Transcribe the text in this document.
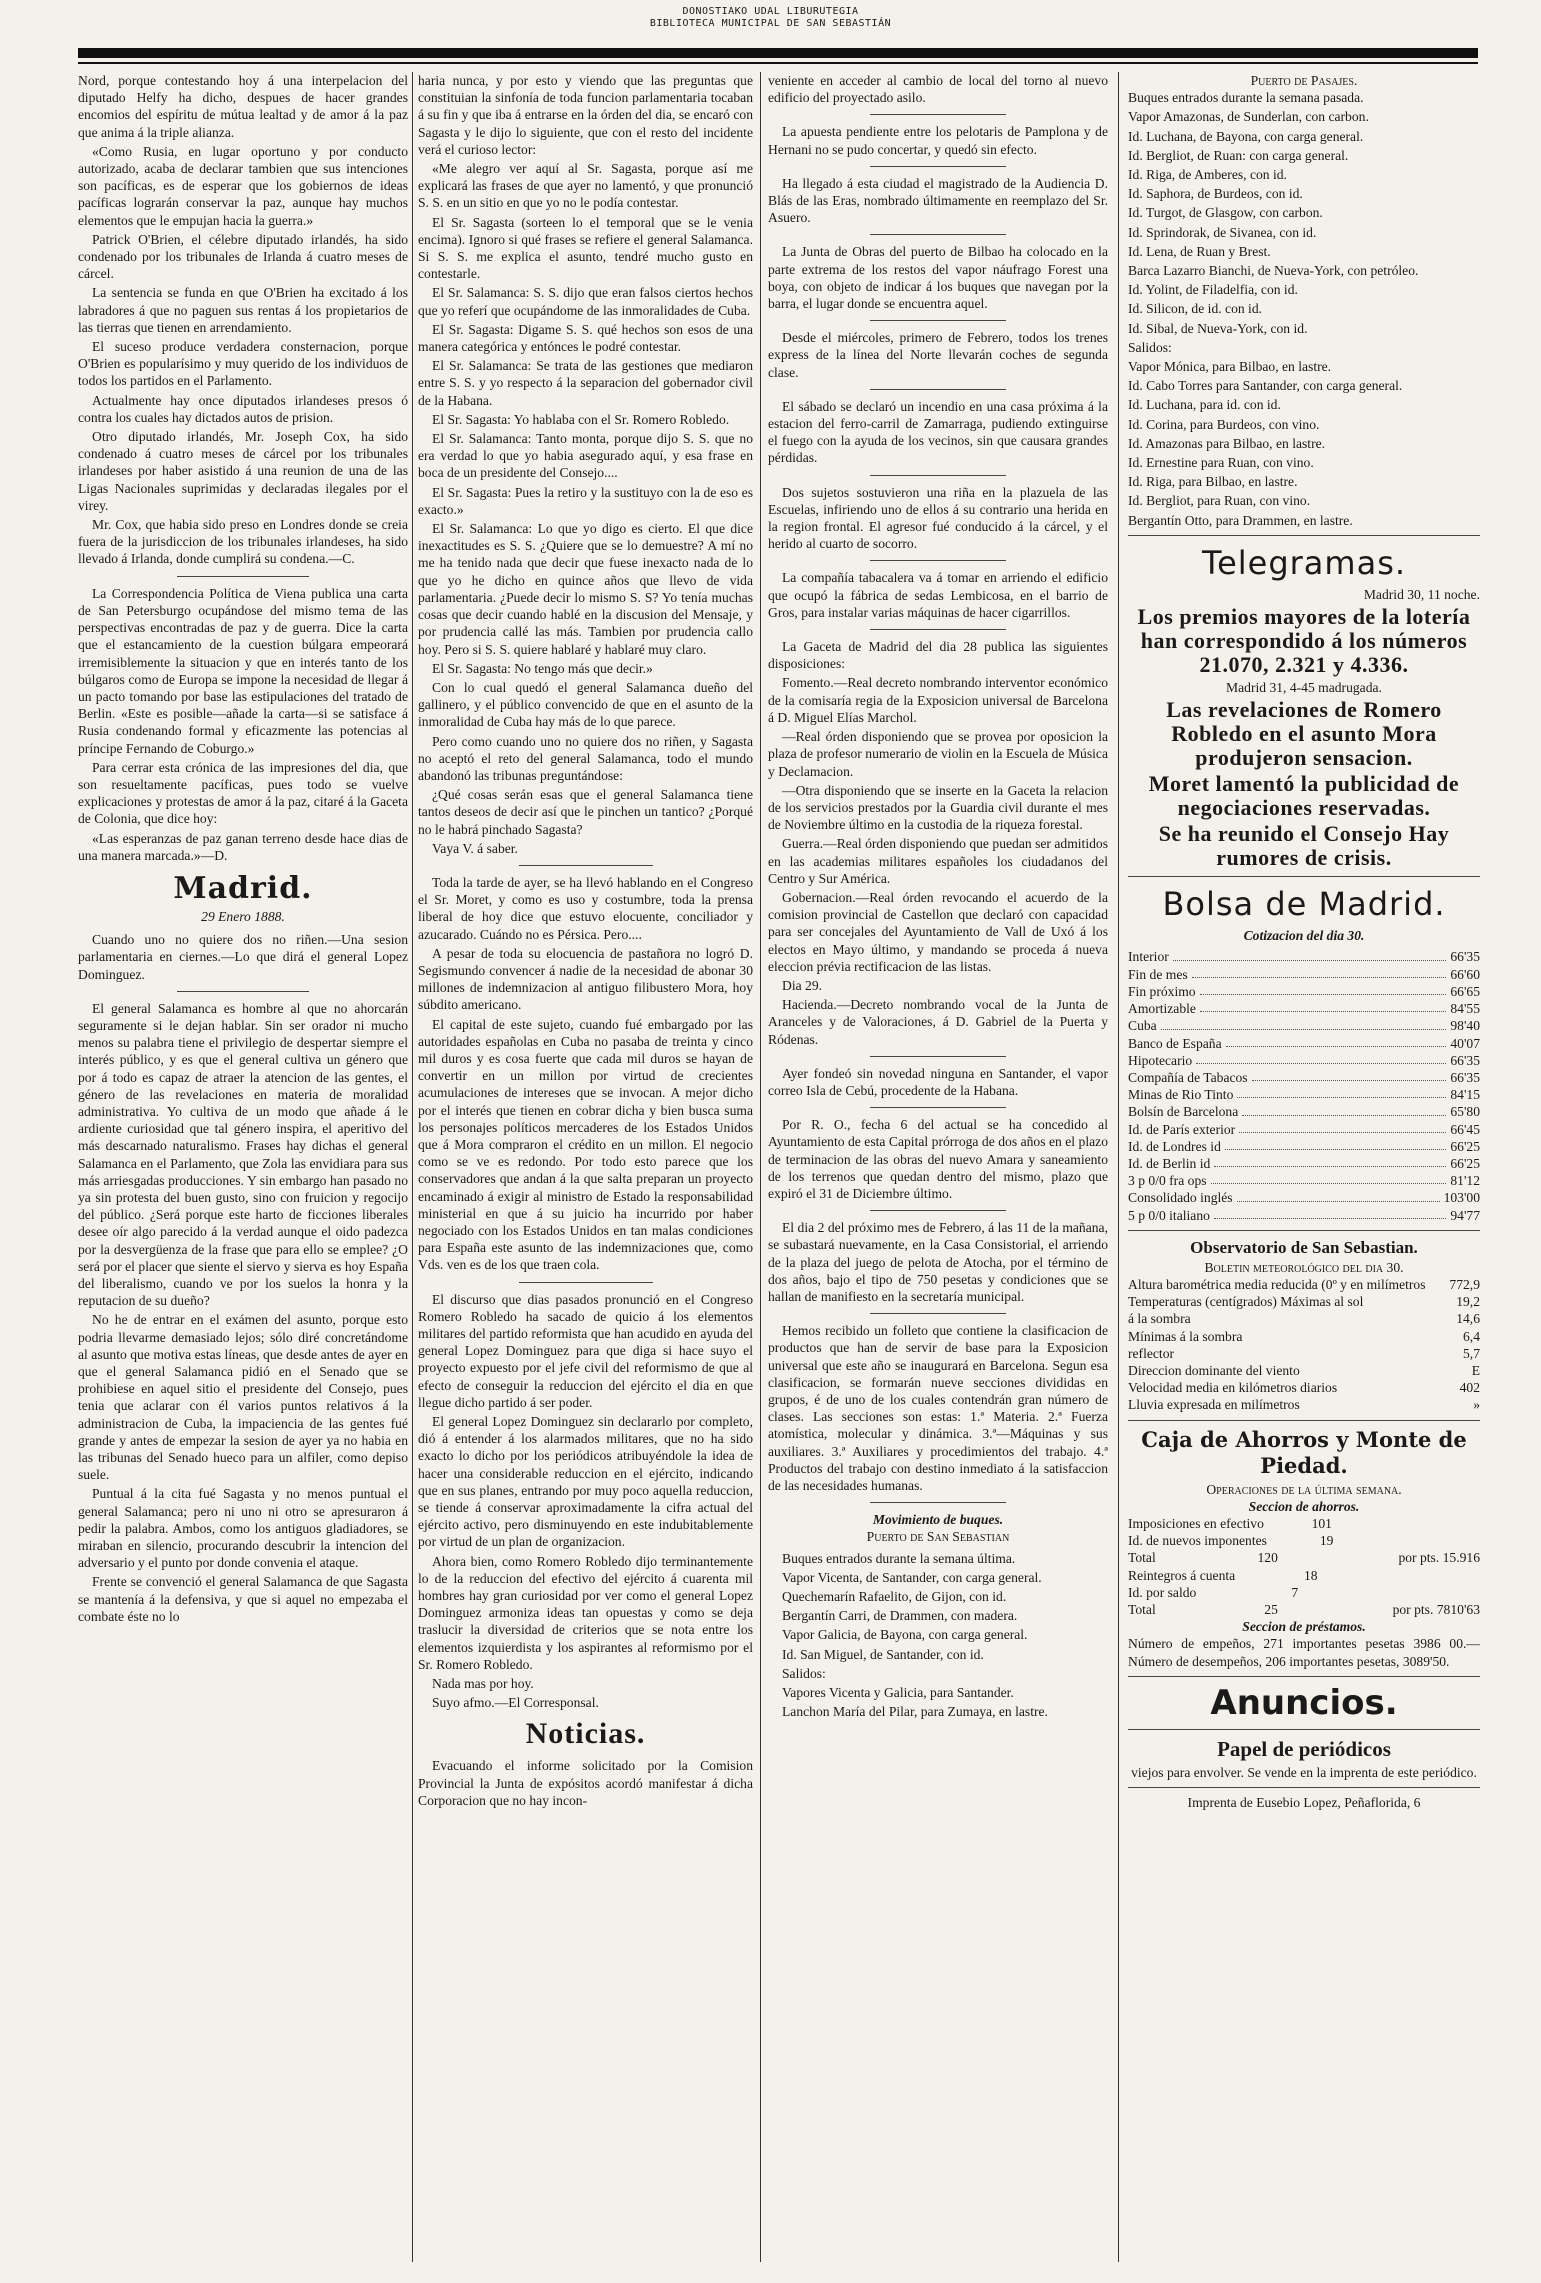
DONOSTIAKO UDAL LIBURUTEGIA
BIBLIOTECA MUNICIPAL DE SAN SEBASTIÁN

Nord, porque contestando hoy á una interpelacion del diputado Helfy ha dicho, despues de hacer grandes encomios del espíritu de mútua lealtad y de amor á la paz que anima á la triple alianza.

«Como Rusia, en lugar oportuno y por conducto autorizado, acaba de declarar tambien que sus intenciones son pacíficas, es de esperar que los gobiernos de ideas pacíficas lograrán conservar la paz, aunque hay muchos elementos que le empujan hacia la guerra.»

Patrick O'Brien, el célebre diputado irlandés, ha sido condenado por los tribunales de Irlanda á cuatro meses de cárcel.

La sentencia se funda en que O'Brien ha excitado á los labradores á que no paguen sus rentas á los propietarios de las tierras que tienen en arrendamiento.

El suceso produce verdadera consternacion, porque O'Brien es popularísimo y muy querido de los individuos de todos los partidos en el Parlamento.

Actualmente hay once diputados irlandeses presos ó contra los cuales hay dictados autos de prision.

Otro diputado irlandés, Mr. Joseph Cox, ha sido condenado á cuatro meses de cárcel por los tribunales irlandeses por haber asistido á una reunion de una de las Ligas Nacionales suprimidas y declaradas ilegales por el virey.

Mr. Cox, que habia sido preso en Londres donde se creia fuera de la jurisdiccion de los tribunales irlandeses, ha sido llevado á Irlanda, donde cumplirá su condena.—C.

La Correspondencia Política de Viena publica una carta de San Petersburgo ocupándose del mismo tema de las perspectivas encontradas de paz y de guerra. Dice la carta que el estancamiento de la cuestion búlgara empeorará irremisiblemente la situacion y que en interés tanto de los búlgaros como de Europa se impone la necesidad de llegar á un pacto tomando por base las estipulaciones del tratado de Berlin. «Este es posible—añade la carta—si se satisface á Rusia condenando formal y eficazmente las potencias al príncipe Fernando de Coburgo.»

Para cerrar esta crónica de las impresiones del dia, que son resueltamente pacíficas, pues todo se vuelve explicaciones y protestas de amor á la paz, citaré á la Gaceta de Colonia, que dice hoy:

«Las esperanzas de paz ganan terreno desde hace dias de una manera marcada.»—D.

Madrid.
29 Enero 1888.

Cuando uno no quiere dos no riñen.—Una sesion parlamentaria en ciernes.—Lo que dirá el general Lopez Dominguez.

El general Salamanca es hombre al que no ahorcarán seguramente si le dejan hablar. Sin ser orador ni mucho menos su palabra tiene el privilegio de despertar siempre el interés público, y es que el general cultiva un género que por á todo es capaz de atraer la atencion de las gentes, el género de las revelaciones en materia de moralidad administrativa. Yo cultiva de un modo que añade á le ardiente curiosidad que tal género inspira, el aperitivo del más descarnado naturalismo. Frases hay dichas el general Salamanca en el Parlamento, que Zola las envidiara para sus más arriesgadas producciones. Y sin embargo han pasado no ya sin protesta del buen gusto, sino con fruicion y regocijo del público. ¿Será porque este harto de ficciones liberales desee oír algo parecido á la verdad aunque el oido padezca por la desvergüenza de la frase que para ello se emplee? ¿O será por el placer que siente el siervo y sierva es hoy España del liberalismo, cuando ve por los suelos la honra y la reputacion de su dueño?

No he de entrar en el exámen del asunto, porque esto podria llevarme demasiado lejos; sólo diré concretándome al asunto que motiva estas líneas, que desde antes de ayer en que el general Salamanca pidió en el Senado que se prohibiese en aquel sitio el presidente del Consejo, pues tenia que aclarar con él varios puntos relativos á la administracion de Cuba, la impaciencia de las gentes fué grande y antes de empezar la sesion de ayer ya no habia en las tribunas del Senado hueco para un alfiler, como depiso suele.

Puntual á la cita fué Sagasta y no menos puntual el general Salamanca; pero ni uno ni otro se apresuraron á pedir la palabra. Ambos, como los antiguos gladiadores, se miraban en silencio, procurando descubrir la intencion del adversario y el punto por donde convenia el ataque.

Frente se convenció el general Salamanca de que Sagasta se mantenía á la defensiva, y que si aquel no empezaba el combate éste no lo

haria nunca, y por esto y viendo que las preguntas que constituian la sinfonía de toda funcion parlamentaria tocaban á su fin y que iba á entrarse en la órden del dia, se encaró con Sagasta y le dijo lo siguiente, que con el resto del incidente verá el curioso lector:

«Me alegro ver aquí al Sr. Sagasta, porque así me explicará las frases de que ayer no lamentó, y que pronunció S. S. en un sitio en que yo no le podía contestar.

El Sr. Sagasta (sorteen lo el temporal que se le venia encima). Ignoro si qué frases se refiere el general Salamanca. Si S. S. me explica el asunto, tendré mucho gusto en contestarle.

El Sr. Salamanca: S. S. dijo que eran falsos ciertos hechos que yo referí que ocupándome de las inmoralidades de Cuba.

El Sr. Sagasta: Digame S. S. qué hechos son esos de una manera categórica y entónces le podré contestar.

El Sr. Salamanca: Se trata de las gestiones que mediaron entre S. S. y yo respecto á la separacion del gobernador civil de la Habana.

El Sr. Sagasta: Yo hablaba con el Sr. Romero Robledo.

El Sr. Salamanca: Tanto monta, porque dijo S. S. que no era verdad lo que yo habia asegurado aquí, y esa frase en boca de un presidente del Consejo....

El Sr. Sagasta: Pues la retiro y la sustituyo con la de eso es exacto.»

El Sr. Salamanca: Lo que yo digo es cierto. El que dice inexactitudes es S. S. ¿Quiere que se lo demuestre? A mí no me ha tenido nada que decir que fuese inexacto nada de lo que yo he dicho en quince años que llevo de vida parlamentaria. ¿Puede decir lo mismo S. S? Yo tenía muchas cosas que decir cuando hablé en la discusion del Mensaje, y por prudencia callé las más. Tambien por prudencia callo hoy. Pero si S. S. quiere hablaré y hablaré muy claro.

El Sr. Sagasta: No tengo más que decir.»

Con lo cual quedó el general Salamanca dueño del gallinero, y el público convencido de que en el asunto de la inmoralidad de Cuba hay más de lo que parece.

Pero como cuando uno no quiere dos no riñen, y Sagasta no aceptó el reto del general Salamanca, todo el mundo abandonó las tribunas preguntándose:

¿Qué cosas serán esas que el general Salamanca tiene tantos deseos de decir así que le pinchen un tantico? ¿Porqué no le habrá pinchado Sagasta?

Vaya V. á saber.

Toda la tarde de ayer, se ha llevó hablando en el Congreso el Sr. Moret, y como es uso y costumbre, toda la prensa liberal de hoy dice que estuvo elocuente, conciliador y azucarado. Cuándo no es Pérsica. Pero....

A pesar de toda su elocuencia de pastañora no logró D. Segismundo convencer á nadie de la necesidad de abonar 30 millones de indemnizacion al antiguo filibustero Mora, hoy súbdito americano.

El capital de este sujeto, cuando fué embargado por las autoridades españolas en Cuba no pasaba de treinta y cinco mil duros y es cosa fuerte que cada mil duros se hayan de convertir en un millon por virtud de crecientes acumulaciones de intereses que se invocan. A mejor dicho por el interés que tienen en cobrar dicha y bien busca suma los personajes políticos mercaderes de los Estados Unidos que á Mora compraron el crédito en un millon. El negocio como se ve es redondo. Por todo esto parece que los conservadores que andan á la que salta preparan un proyecto encaminado á exigir al ministro de Estado la responsabilidad ministerial en que á su juicio ha incurrido por haber negociado con los Estados Unidos en tan malas condiciones para España este asunto de las indemnizaciones que, como Vds. ven es de los que traen cola.

El discurso que dias pasados pronunció en el Congreso Romero Robledo ha sacado de quicio á los elementos militares del partido reformista que han acudido en ayuda del general Lopez Dominguez para que diga si hace suyo el proyecto expuesto por el jefe civil del reformismo de que al efecto de conseguir la reduccion del ejército el dia en que llegue dicho partido á ser poder.

El general Lopez Dominguez sin declararlo por completo, dió á entender á los alarmados militares, que no ha sido exacto lo dicho por los periódicos atribuyéndole la idea de hacer una considerable reduccion en el ejército, indicando que en sus planes, entrando por muy poco aquella reduccion, se tiende á conservar aproximadamente la cifra actual del ejército activo, pero disminuyendo en este indubitablemente por virtud de un plan de organizacion.

Ahora bien, como Romero Robledo dijo terminantemente lo de la reduccion del efectivo del ejército á cuarenta mil hombres hay gran curiosidad por ver como el general Lopez Dominguez armoniza ideas tan opuestas y como se deja traslucir la diversidad de criterios que se nota entre los elementos izquierdista y los aspirantes al reformismo por el Sr. Romero Robledo.

Nada mas por hoy.

Suyo afmo.—El Corresponsal.

Noticias.

Evacuando el informe solicitado por la Comision Provincial la Junta de expósitos acordó manifestar á dicha Corporacion que no hay incon-

veniente en acceder al cambio de local del torno al nuevo edificio del proyectado asilo.

La apuesta pendiente entre los pelotaris de Pamplona y de Hernani no se pudo concertar, y quedó sin efecto.

Ha llegado á esta ciudad el magistrado de la Audiencia D. Blás de las Eras, nombrado últimamente en reemplazo del Sr. Asuero.

La Junta de Obras del puerto de Bilbao ha colocado en la parte extrema de los restos del vapor náufrago Forest una boya, con objeto de indicar á los buques que navegan por la barra, el lugar donde se encuentra aquel.

Desde el miércoles, primero de Febrero, todos los trenes express de la línea del Norte llevarán coches de segunda clase.

El sábado se declaró un incendio en una casa próxima á la estacion del ferro-carril de Zamarraga, pudiendo extinguirse el fuego con la ayuda de los vecinos, sin que causara grandes pérdidas.

Dos sujetos sostuvieron una riña en la plazuela de las Escuelas, infiriendo uno de ellos á su contrario una herida en la region frontal. El agresor fué conducido á la cárcel, y el herido al cuarto de socorro.

La compañía tabacalera va á tomar en arriendo el edificio que ocupó la fábrica de sedas Lembicosa, en el barrio de Gros, para instalar varias máquinas de hacer cigarrillos.

La Gaceta de Madrid del dia 28 publica las siguientes disposiciones:

Fomento.—Real decreto nombrando interventor económico de la comisaría regia de la Exposicion universal de Barcelona á D. Miguel Elías Marchol.

—Real órden disponiendo que se provea por oposicion la plaza de profesor numerario de violin en la Escuela de Música y Declamacion.

—Otra disponiendo que se inserte en la Gaceta la relacion de los servicios prestados por la Guardia civil durante el mes de Noviembre último en la custodia de la riqueza forestal.

Guerra.—Real órden disponiendo que puedan ser admitidos en las academias militares españoles los ciudadanos del Centro y Sur América.

Gobernacion.—Real órden revocando el acuerdo de la comision provincial de Castellon que declaró con capacidad para ser concejales del Ayuntamiento de Vall de Uxó á los electos en Mayo último, y mandando se proceda á nueva eleccion prévia rectificacion de las listas.

Dia 29.

Hacienda.—Decreto nombrando vocal de la Junta de Aranceles y de Valoraciones, á D. Gabriel de la Puerta y Ródenas.

Ayer fondeó sin novedad ninguna en Santander, el vapor correo Isla de Cebú, procedente de la Habana.

Por R. O., fecha 6 del actual se ha concedido al Ayuntamiento de esta Capital prórroga de dos años en el plazo de terminacion de las obras del nuevo Amara y saneamiento de los terrenos que quedan dentro del mismo, plazo que expiró el 31 de Diciembre último.

El dia 2 del próximo mes de Febrero, á las 11 de la mañana, se subastará nuevamente, en la Casa Consistorial, el arriendo de la plaza del juego de pelota de Atocha, por el término de dos años, bajo el tipo de 750 pesetas y condiciones que se hallan de manifiesto en la secretaría municipal.

Hemos recibido un folleto que contiene la clasificacion de productos que han de servir de base para la Exposicion universal que este año se inaugurará en Barcelona. Segun esa clasificacion, se formarán nueve secciones divididas en grupos, é de uno de los cuales contendrán gran número de clases. Las secciones son estas: 1.ª Materia. 2.ª Fuerza atomística, molecular y dinámica. 3.ª—Máquinas y sus auxiliares. 3.ª Auxiliares y procedimientos del trabajo. 4.ª Productos del trabajo con destino inmediato á la satisfaccion de las necesidades humanas.

Movimiento de buques.
Puerto de San Sebastian

Buques entrados durante la semana última.

Vapor Vicenta, de Santander, con carga general.

Quechemarín Rafaelito, de Gijon, con id.

Bergantín Carri, de Drammen, con madera.

Vapor Galicia, de Bayona, con carga general.

Id. San Miguel, de Santander, con id.

Salidos:

Vapores Vicenta y Galicia, para Santander.

Lanchon María del Pilar, para Zumaya, en lastre.

Puerto de Pasajes.

Buques entrados durante la semana pasada.

Vapor Amazonas, de Sunderlan, con carbon.

Id. Luchana, de Bayona, con carga general.

Id. Bergliot, de Ruan: con carga general.

Id. Riga, de Amberes, con id.

Id. Saphora, de Burdeos, con id.

Id. Turgot, de Glasgow, con carbon.

Id. Sprindorak, de Sivanea, con id.

Id. Lena, de Ruan y Brest.

Barca Lazarro Bianchi, de Nueva-York, con petróleo.

Id. Yolint, de Filadelfia, con id.

Id. Silicon, de id. con id.

Id. Sibal, de Nueva-York, con id.

Salidos:

Vapor Mónica, para Bilbao, en lastre.

Id. Cabo Torres para Santander, con carga general.

Id. Luchana, para id. con id.

Id. Corina, para Burdeos, con vino.

Id. Amazonas para Bilbao, en lastre.

Id. Ernestine para Ruan, con vino.

Id. Riga, para Bilbao, en lastre.

Id. Bergliot, para Ruan, con vino.

Bergantín Otto, para Drammen, en lastre.

Telegramas.

Madrid 30, 11 noche.

Los premios mayores de la lotería han correspondido á los números 21.070, 2.321 y 4.336.

Madrid 31, 4-45 madrugada.

Las revelaciones de Romero Robledo en el asunto Mora produjeron sensacion.
Moret lamentó la publicidad de negociaciones reservadas.
Se ha reunido el Consejo Hay rumores de crisis.
Bolsa de Madrid.
Cotizacion del dia 30.
Interior	66'35
Fin de mes	66'60
Fin próximo	66'65
Amortizable	84'55
Cuba	98'40
Banco de España	40'07
Hipotecario	66'35
Compañía de Tabacos	66'35
Minas de Rio Tinto	84'15
Bolsín de Barcelona	65'80
Id. de París exterior	66'45
Id. de Londres id	66'25
Id. de Berlin id	66'25
3 p 0/0 fra ops	81'12
Consolidado inglés	103'00
5 p 0/0 italiano	94'77
Observatorio de San Sebastian.
Boletin meteorológico del dia 30.
Altura barométrica media reducida (0º y en milímetros	772,9
Temperaturas (centígrados) Máximas al sol	19,2
á la sombra	14,6
Mínimas á la sombra	6,4
reflector	5,7
Direccion dominante del viento	E
Velocidad media en kilómetros diarios	402
Lluvia expresada en milímetros	»
Caja de Ahorros y Monte de Piedad.
Operaciones de la última semana.
Seccion de ahorros.
Imposiciones en efectivo	101
Id. de nuevos imponentes	19
Total	120	por pts. 15.916
Reintegros á cuenta	18
Id. por saldo	7
Total	25	por pts. 7810'63
Seccion de préstamos.

Número de empeños, 271 importantes pesetas 3986 00.—Número de desempeños, 206 importantes pesetas, 3089'50.

Anuncios.
Papel de periódicos

viejos para envolver. Se vende en la imprenta de este periódico.

Imprenta de Eusebio Lopez, Peñaflorida, 6
